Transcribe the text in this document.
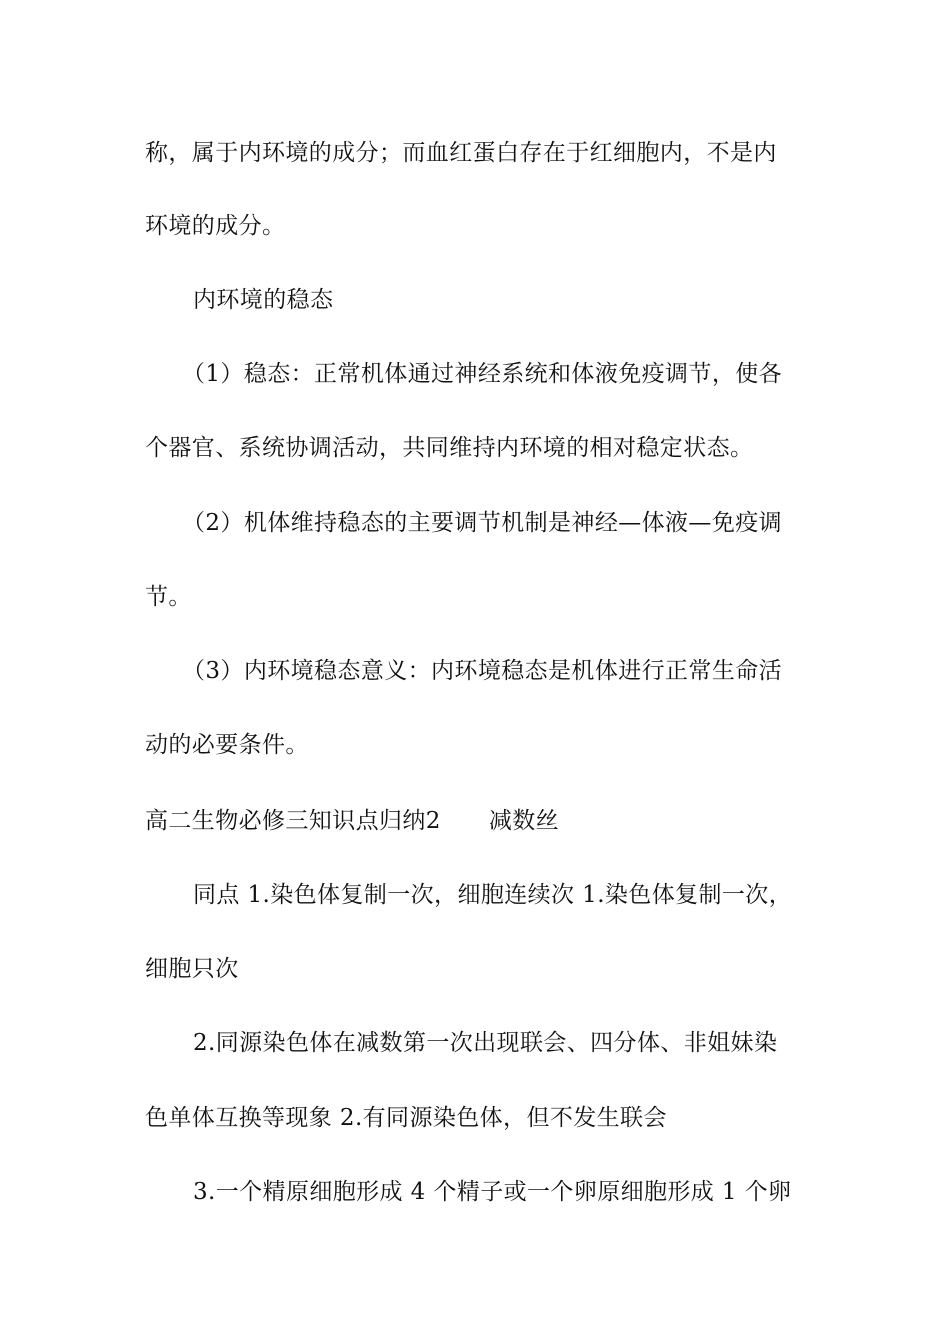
称，属于内环境的成分；而血红蛋白存在于红细胞内，不是内
环境的成分。
内环境的稳态
（1）稳态：正常机体通过神经系统和体液免疫调节，使各
个器官、系统协调活动，共同维持内环境的相对稳定状态。
（2）机体维持稳态的主要调节机制是神经—体液—免疫调
节。
（3）内环境稳态意义：内环境稳态是机体进行正常生命活
动的必要条件。
高二生物必修三知识点归纳2 减数丝
同点 1.染色体复制一次，细胞连续次 1.染色体复制一次，
细胞只次
2.同源染色体在减数第一次出现联会、四分体、非姐妹染
色单体互换等现象 2.有同源染色体，但不发生联会
3.一个精原细胞形成 4 个精子或一个卵原细胞形成 1 个卵
